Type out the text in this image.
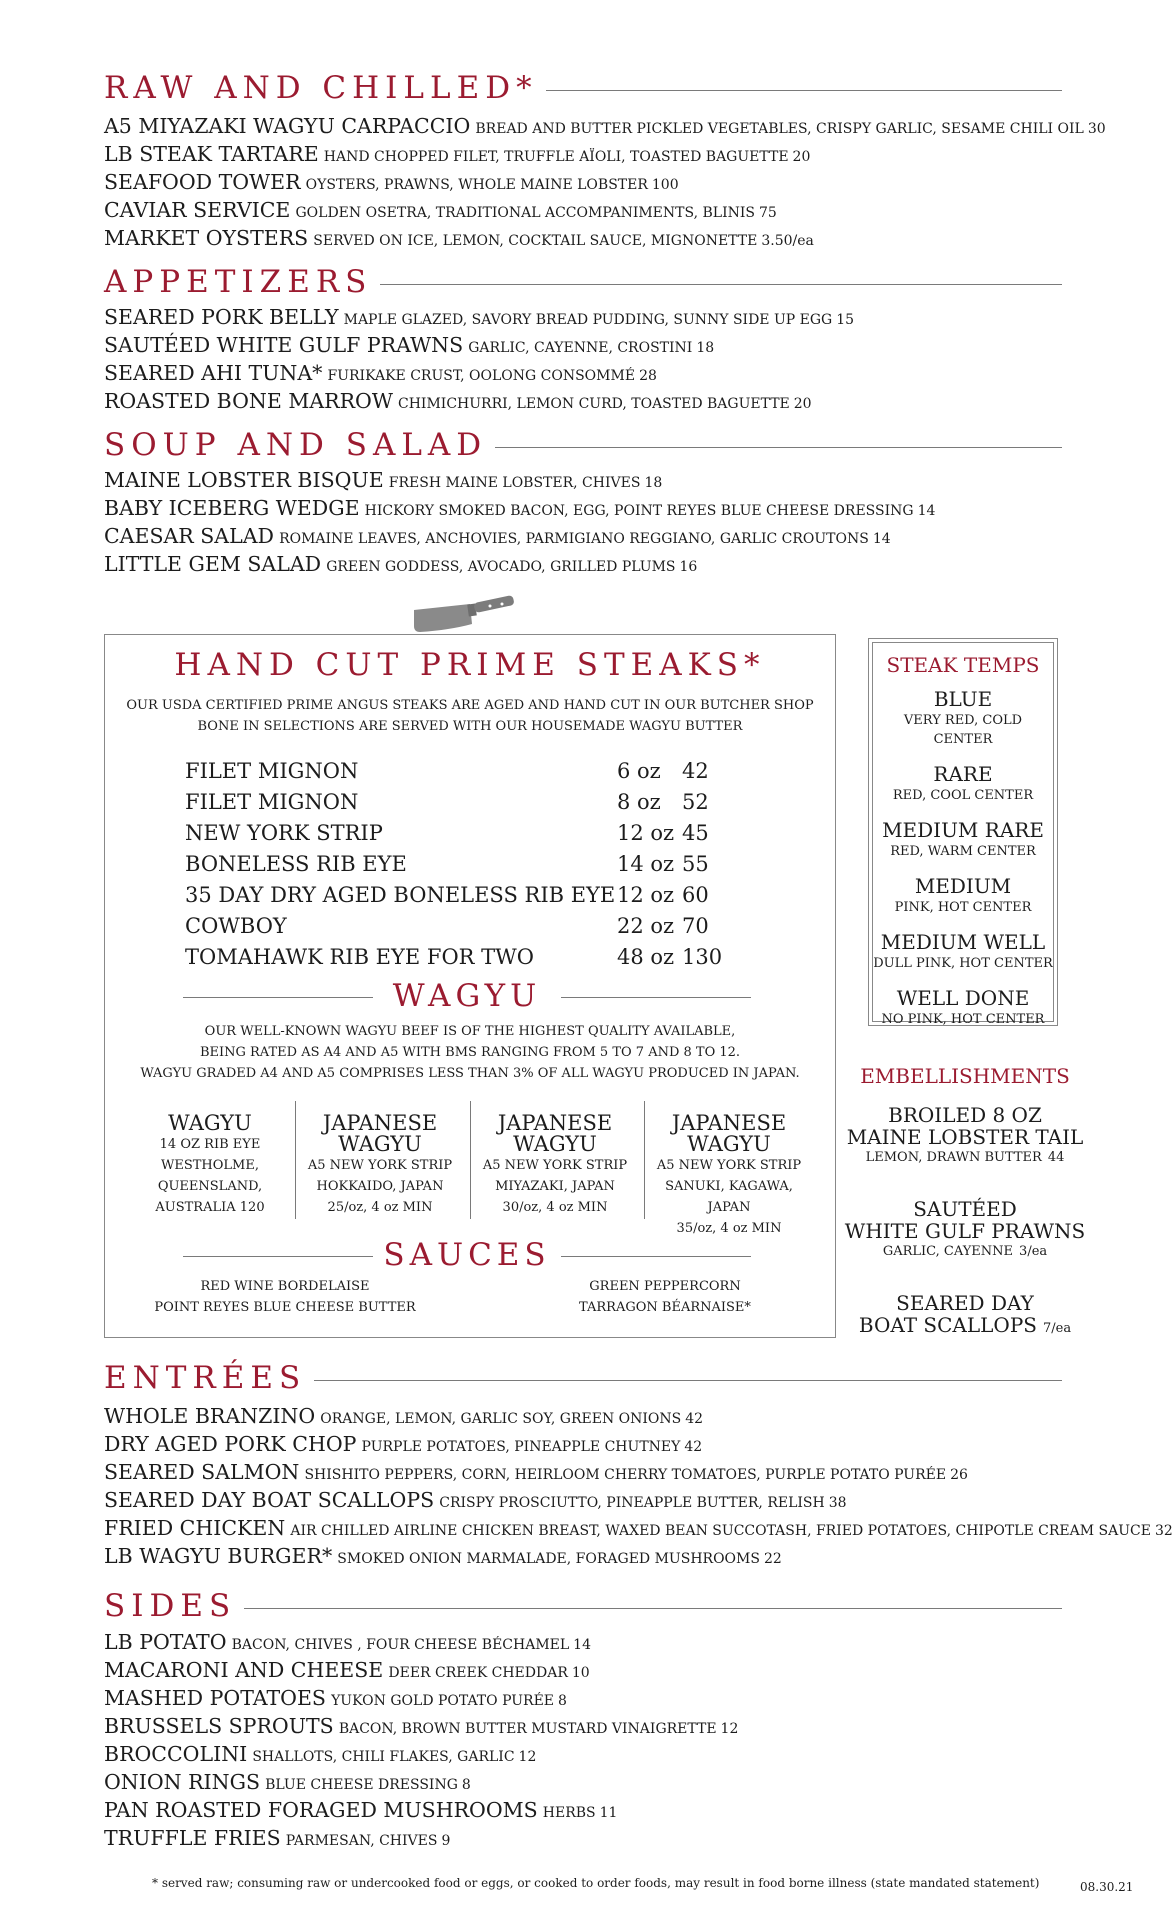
RAW AND CHILLED*
A5 MIYAZAKI WAGYU CARPACCIO BREAD AND BUTTER PICKLED VEGETABLES, CRISPY GARLIC, SESAME CHILI OIL 30
LB STEAK TARTARE HAND CHOPPED FILET, TRUFFLE AÏOLI, TOASTED BAGUETTE 20
SEAFOOD TOWER OYSTERS, PRAWNS, WHOLE MAINE LOBSTER 100
CAVIAR SERVICE GOLDEN OSETRA, TRADITIONAL ACCOMPANIMENTS, BLINIS 75
MARKET OYSTERS SERVED ON ICE, LEMON, COCKTAIL SAUCE, MIGNONETTE 3.50/ea
APPETIZERS
SEARED PORK BELLY MAPLE GLAZED, SAVORY BREAD PUDDING, SUNNY SIDE UP EGG 15
SAUTÉED WHITE GULF PRAWNS GARLIC, CAYENNE, CROSTINI 18
SEARED AHI TUNA* FURIKAKE CRUST, OOLONG CONSOMMÉ 28
ROASTED BONE MARROW CHIMICHURRI, LEMON CURD, TOASTED BAGUETTE 20
SOUP AND SALAD
MAINE LOBSTER BISQUE FRESH MAINE LOBSTER, CHIVES 18
BABY ICEBERG WEDGE HICKORY SMOKED BACON, EGG, POINT REYES BLUE CHEESE DRESSING 14
CAESAR SALAD ROMAINE LEAVES, ANCHOVIES, PARMIGIANO REGGIANO, GARLIC CROUTONS 14
LITTLE GEM SALAD GREEN GODDESS, AVOCADO, GRILLED PLUMS 16
HAND CUT PRIME STEAKS*
OUR USDA CERTIFIED PRIME ANGUS STEAKS ARE AGED AND HAND CUT IN OUR BUTCHER SHOP
BONE IN SELECTIONS ARE SERVED WITH OUR HOUSEMADE WAGYU BUTTER
FILET MIGNON	6 oz 42
FILET MIGNON	8 oz 52
NEW YORK STRIP	12 oz 45
BONELESS RIB EYE	14 oz 55
35 DAY DRY AGED BONELESS RIB EYE 12 oz 60
COWBOY	22 oz 70
TOMAHAWK RIB EYE FOR TWO	48 oz 130
WAGYU
OUR WELL-KNOWN WAGYU BEEF IS OF THE HIGHEST QUALITY AVAILABLE,
BEING RATED AS A4 AND A5 WITH BMS RANGING FROM 5 TO 7 AND 8 TO 12.
WAGYU GRADED A4 AND A5 COMPRISES LESS THAN 3% OF ALL WAGYU PRODUCED IN JAPAN.
WAGYU
14 OZ RIB EYE
WESTHOLME,
QUEENSLAND,
AUSTRALIA 120
JAPANESE
WAGYU
A5 NEW YORK STRIP
HOKKAIDO, JAPAN
25/oz, 4 oz MIN
JAPANESE
WAGYU
A5 NEW YORK STRIP
MIYAZAKI, JAPAN
30/oz, 4 oz MIN
JAPANESE
WAGYU
A5 NEW YORK STRIP
SANUKI, KAGAWA, JAPAN
35/oz, 4 oz MIN
SAUCES
RED WINE BORDELAISE
POINT REYES BLUE CHEESE BUTTER
GREEN PEPPERCORN
TARRAGON BÉARNAISE*
STEAK TEMPS
BLUE
VERY RED, COLD CENTER
RARE
RED, COOL CENTER
MEDIUM RARE
RED, WARM CENTER
MEDIUM
PINK, HOT CENTER
MEDIUM WELL
DULL PINK, HOT CENTER
WELL DONE
NO PINK, HOT CENTER
EMBELLISHMENTS
BROILED 8 OZ
MAINE LOBSTER TAIL
LEMON, DRAWN BUTTER 44
SAUTÉED
WHITE GULF PRAWNS
GARLIC, CAYENNE 3/ea
SEARED DAY
BOAT SCALLOPS 7/ea
ENTRÉES
WHOLE BRANZINO ORANGE, LEMON, GARLIC SOY, GREEN ONIONS 42
DRY AGED PORK CHOP PURPLE POTATOES, PINEAPPLE CHUTNEY 42
SEARED SALMON SHISHITO PEPPERS, CORN, HEIRLOOM CHERRY TOMATOES, PURPLE POTATO PURÉE 26
SEARED DAY BOAT SCALLOPS CRISPY PROSCIUTTO, PINEAPPLE BUTTER, RELISH 38
FRIED CHICKEN AIR CHILLED AIRLINE CHICKEN BREAST, WAXED BEAN SUCCOTASH, FRIED POTATOES, CHIPOTLE CREAM SAUCE 32
LB WAGYU BURGER* SMOKED ONION MARMALADE, FORAGED MUSHROOMS 22
SIDES
LB POTATO BACON, CHIVES , FOUR CHEESE BÉCHAMEL 14
MACARONI AND CHEESE DEER CREEK CHEDDAR 10
MASHED POTATOES YUKON GOLD POTATO PURÉE 8
BRUSSELS SPROUTS BACON, BROWN BUTTER MUSTARD VINAIGRETTE 12
BROCCOLINI SHALLOTS, CHILI FLAKES, GARLIC 12
ONION RINGS BLUE CHEESE DRESSING 8
PAN ROASTED FORAGED MUSHROOMS HERBS 11
TRUFFLE FRIES PARMESAN, CHIVES 9
* served raw; consuming raw or undercooked food or eggs, or cooked to order foods, may result in food borne illness (state mandated statement)	08.30.21
